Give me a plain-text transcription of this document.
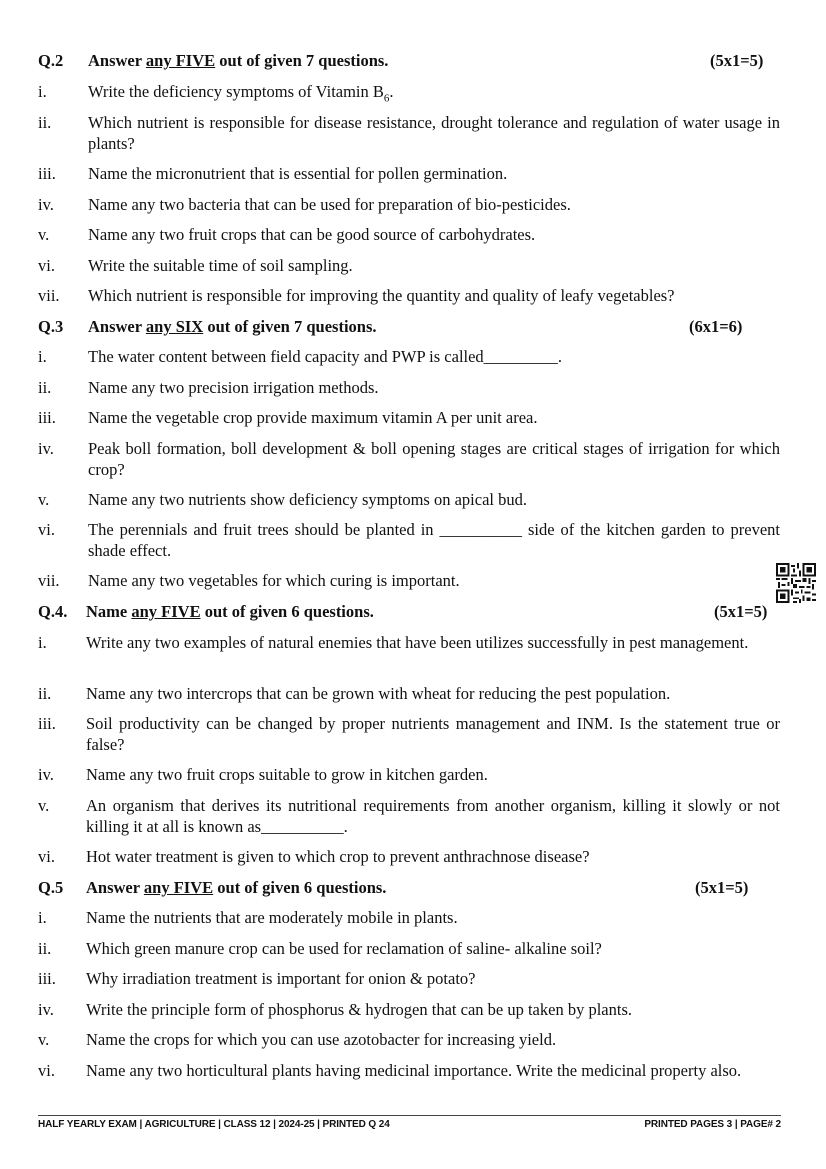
Q.2 Answer any FIVE out of given 7 questions.	(5x1=5)
i.	Write the deficiency symptoms of Vitamin $B_6$.
ii. Which nutrient is responsible for disease resistance, drought tolerance and regulation of water usage in plants?
iii. Name the micronutrient that is essential for pollen germination.
iv. Name any two bacteria that can be used for preparation of bio-pesticides.
v. Name any two fruit crops that can be good source of carbohydrates.
vi. Write the suitable time of soil sampling.
vii. Which nutrient is responsible for improving the quantity and quality of leafy vegetables?
Q.3 Answer any SIX out of given 7 questions.	(6x1=6)
i.	The water content between field capacity and PWP is called_________.
ii. Name any two precision irrigation methods.
iii. Name the vegetable crop provide maximum vitamin A per unit area.
iv. Peak boll formation, boll development & boll opening stages are critical stages of irrigation for which crop?
v. Name any two nutrients show deficiency symptoms on apical bud.
vi. The perennials and fruit trees should be planted in __________ side of the kitchen garden to prevent shade effect.
vii. Name any two vegetables for which curing is important.
Q.4. Name any FIVE out of given 6 questions.	(5x1=5)
i. Write any two examples of natural enemies that have been utilizes successfully in pest management.
ii. Name any two intercrops that can be grown with wheat for reducing the pest population.
iii. Soil productivity can be changed by proper nutrients management and INM. Is the statement true or false?
iv. Name any two fruit crops suitable to grow in kitchen garden.
v. An organism that derives its nutritional requirements from another organism, killing it slowly or not killing it at all is known as__________.
vi. Hot water treatment is given to which crop to prevent anthrachnose disease?
Q.5 Answer any FIVE out of given 6 questions.	(5x1=5)
i. Name the nutrients that are moderately mobile in plants.
ii. Which green manure crop can be used for reclamation of saline- alkaline soil?
iii. Why irradiation treatment is important for onion & potato?
iv. Write the principle form of phosphorus & hydrogen that can be up taken by plants.
v. Name the crops for which you can use azotobacter for increasing yield.
vi. Name any two horticultural plants having medicinal importance. Write the medicinal property also.
HALF YEARLY EXAM | AGRICULTURE | CLASS 12 | 2024-25 | PRINTED Q 24	PRINTED PAGES 3 | PAGE# 2
